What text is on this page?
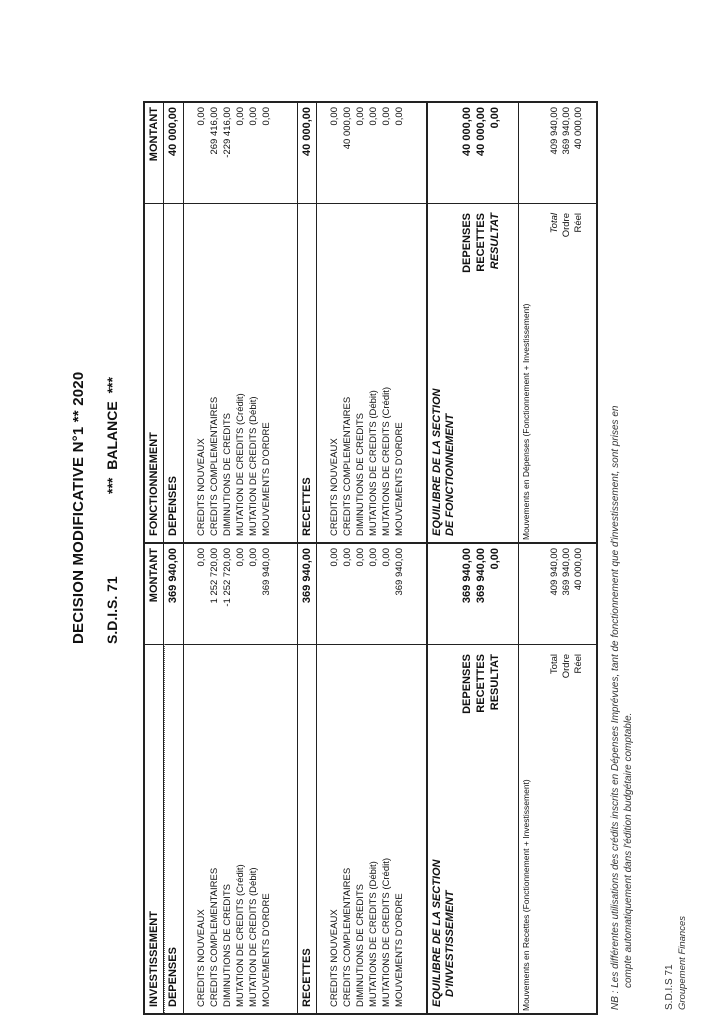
DECISION MODIFICATIVE N°1 ** 2020 S.D.I.S. 71
*** BALANCE ***
INVESTISSEMENT
MONTANT
DEPENSES
369 940,00
CREDITS NOUVEAUX
0,00
CREDITS COMPLEMENTAIRES
1 252 720,00
DIMINUTIONS DE CREDITS
-1 252 720,00
MUTATION DE CREDITS (Crédit)
0,00
MUTATION DE CREDITS (Débit)
0,00
MOUVEMENTS D'ORDRE
369 940,00
RECETTES
369 940,00
CREDITS NOUVEAUX
0,00
CREDITS COMPLEMENTAIRES
0,00
DIMINUTIONS DE CREDITS
0,00
MUTATIONS DE CREDITS (Débit)
0,00
MUTATIONS DE CREDITS (Crédit)
0,00
MOUVEMENTS D'ORDRE
369 940,00
EQUILIBRE DE LA SECTION D'INVESTISSEMENT
DEPENSES
369 940,00
RECETTES
369 940,00
RESULTAT
0,00
Mouvements en Recettes (Fonctionnement + Investissement)
Total
409 940,00
Ordre
369 940,00
Réel
40 000,00
FONCTIONNEMENT
MONTANT
DEPENSES
40 000,00
CREDITS NOUVEAUX
0,00
CREDITS COMPLEMENTAIRES
269 416,00
DIMINUTIONS DE CREDITS
-229 416,00
MUTATION DE CREDITS (Crédit)
0,00
MUTATION DE CREDITS (Débit)
0,00
MOUVEMENTS D'ORDRE
0,00
RECETTES
40 000,00
CREDITS NOUVEAUX
0,00
CREDITS COMPLEMENTAIRES
40 000,00
DIMINUTIONS DE CREDITS
0,00
MUTATIONS DE CREDITS (Débit)
0,00
MUTATIONS DE CREDITS (Crédit)
0,00
MOUVEMENTS D'ORDRE
0,00
EQUILIBRE DE LA SECTION DE FONCTIONNEMENT
DEPENSES
40 000,00
RECETTES
40 000,00
RESULTAT
0,00
Mouvements en Dépenses (Fonctionnement + Investissement)
Total
409 940,00
Ordre
369 940,00
Réel
40 000,00
NB : Les différentes utilisations des crédits inscrits en Dépenses Imprévues, tant de fonctionnement que d'investissement, sont prises en compte automatiquement dans l'édition budgétaire comptable.	S.D.I.S 71 Groupement Finances
